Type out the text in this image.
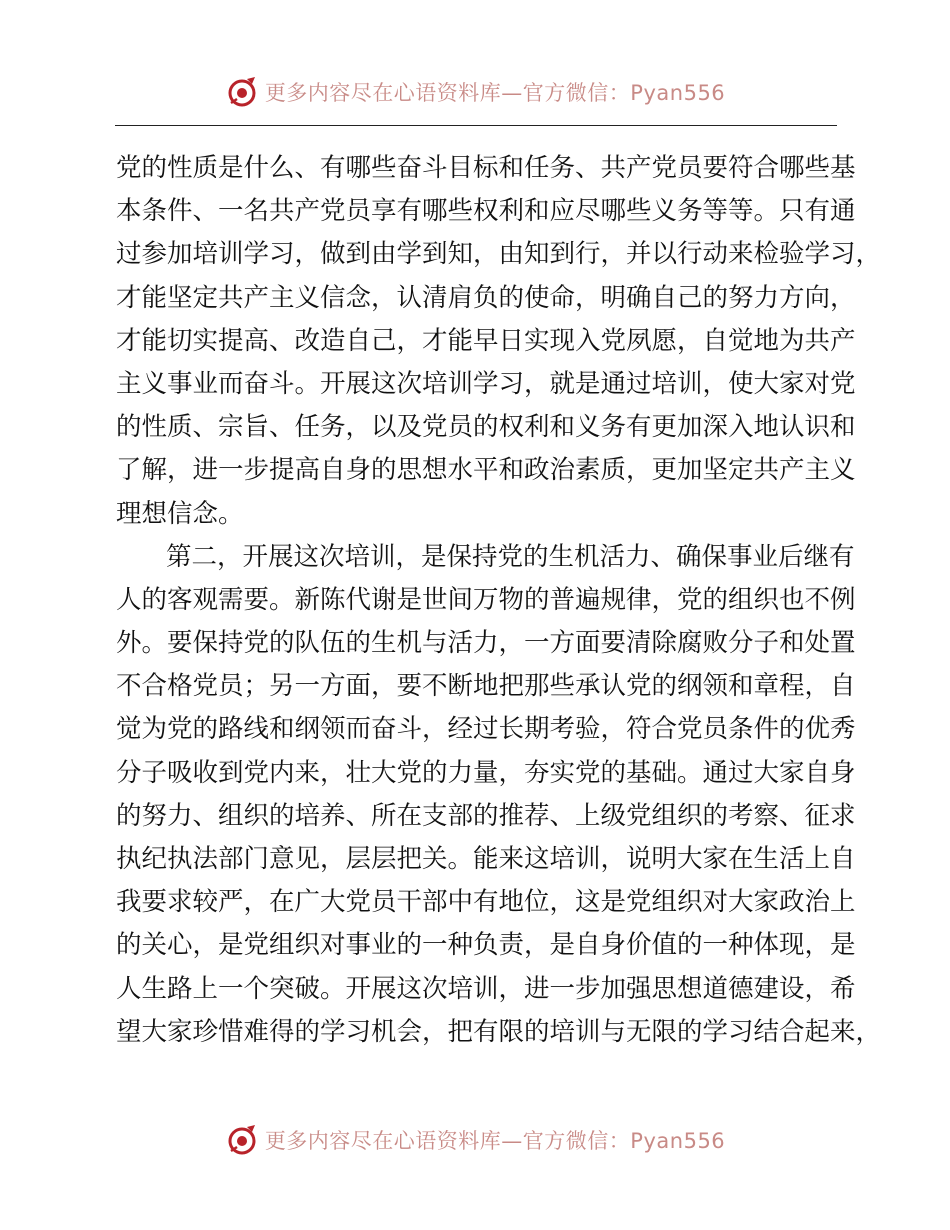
更多内容尽在心语资料库—官方微信：Pyan556
党的性质是什么、有哪些奋斗目标和任务、共产党员要符合哪些基
本条件、一名共产党员享有哪些权利和应尽哪些义务等等。只有通
过参加培训学习，做到由学到知，由知到行，并以行动来检验学习，
才能坚定共产主义信念，认清肩负的使命，明确自己的努力方向，
才能切实提高、改造自己，才能早日实现入党夙愿，自觉地为共产
主义事业而奋斗。开展这次培训学习，就是通过培训，使大家对党
的性质、宗旨、任务，以及党员的权利和义务有更加深入地认识和
了解，进一步提高自身的思想水平和政治素质，更加坚定共产主义
理想信念。
第二，开展这次培训，是保持党的生机活力、确保事业后继有
人的客观需要。新陈代谢是世间万物的普遍规律，党的组织也不例
外。要保持党的队伍的生机与活力，一方面要清除腐败分子和处置
不合格党员；另一方面，要不断地把那些承认党的纲领和章程，自
觉为党的路线和纲领而奋斗，经过长期考验，符合党员条件的优秀
分子吸收到党内来，壮大党的力量，夯实党的基础。通过大家自身
的努力、组织的培养、所在支部的推荐、上级党组织的考察、征求
执纪执法部门意见，层层把关。能来这培训，说明大家在生活上自
我要求较严，在广大党员干部中有地位，这是党组织对大家政治上
的关心，是党组织对事业的一种负责，是自身价值的一种体现，是
人生路上一个突破。开展这次培训，进一步加强思想道德建设，希
望大家珍惜难得的学习机会，把有限的培训与无限的学习结合起来，
更多内容尽在心语资料库—官方微信：Pyan556
